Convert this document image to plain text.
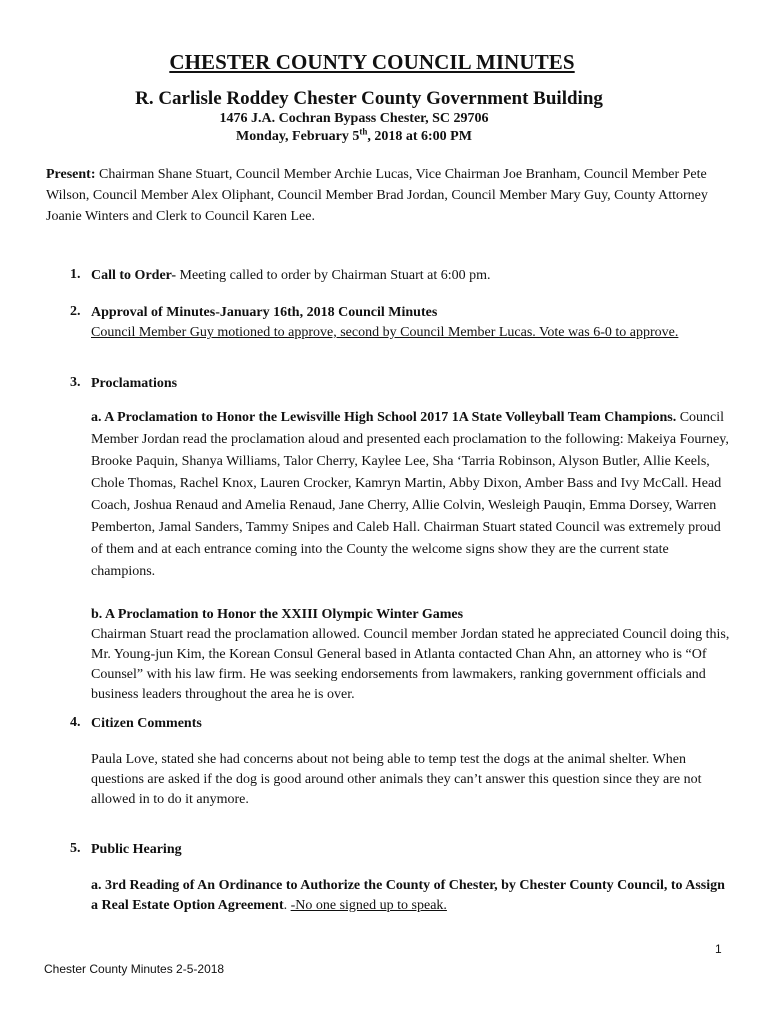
CHESTER COUNTY COUNCIL MINUTES
R. Carlisle Roddey Chester County Government Building
1476 J.A. Cochran Bypass Chester, SC 29706
Monday, February 5th, 2018 at 6:00 PM
Present: Chairman Shane Stuart, Council Member Archie Lucas, Vice Chairman Joe Branham, Council Member Pete Wilson, Council Member Alex Oliphant, Council Member Brad Jordan, Council Member Mary Guy, County Attorney Joanie Winters and Clerk to Council Karen Lee.
1. Call to Order- Meeting called to order by Chairman Stuart at 6:00 pm.
2. Approval of Minutes-January 16th, 2018 Council Minutes
Council Member Guy motioned to approve, second by Council Member Lucas. Vote was 6-0 to approve.
3. Proclamations
a. A Proclamation to Honor the Lewisville High School 2017 1A State Volleyball Team Champions. Council Member Jordan read the proclamation aloud and presented each proclamation to the following: Makeiya Fourney, Brooke Paquin, Shanya Williams, Talor Cherry, Kaylee Lee, Sha ‘Tarria Robinson, Alyson Butler, Allie Keels, Chole Thomas, Rachel Knox, Lauren Crocker, Kamryn Martin, Abby Dixon, Amber Bass and Ivy McCall. Head Coach, Joshua Renaud and Amelia Renaud, Jane Cherry, Allie Colvin, Wesleigh Pauqin, Emma Dorsey, Warren Pemberton, Jamal Sanders, Tammy Snipes and Caleb Hall. Chairman Stuart stated Council was extremely proud of them and at each entrance coming into the County the welcome signs show they are the current state champions.
b. A Proclamation to Honor the XXIII Olympic Winter Games
Chairman Stuart read the proclamation allowed. Council member Jordan stated he appreciated Council doing this, Mr. Young-jun Kim, the Korean Consul General based in Atlanta contacted Chan Ahn, an attorney who is “Of Counsel” with his law firm. He was seeking endorsements from lawmakers, ranking government officials and business leaders throughout the area he is over.
4. Citizen Comments
Paula Love, stated she had concerns about not being able to temp test the dogs at the animal shelter. When questions are asked if the dog is good around other animals they can’t answer this question since they are not allowed in to do it anymore.
5. Public Hearing
a. 3rd Reading of An Ordinance to Authorize the County of Chester, by Chester County Council, to Assign a Real Estate Option Agreement. -No one signed up to speak.
1
Chester County Minutes 2-5-2018
